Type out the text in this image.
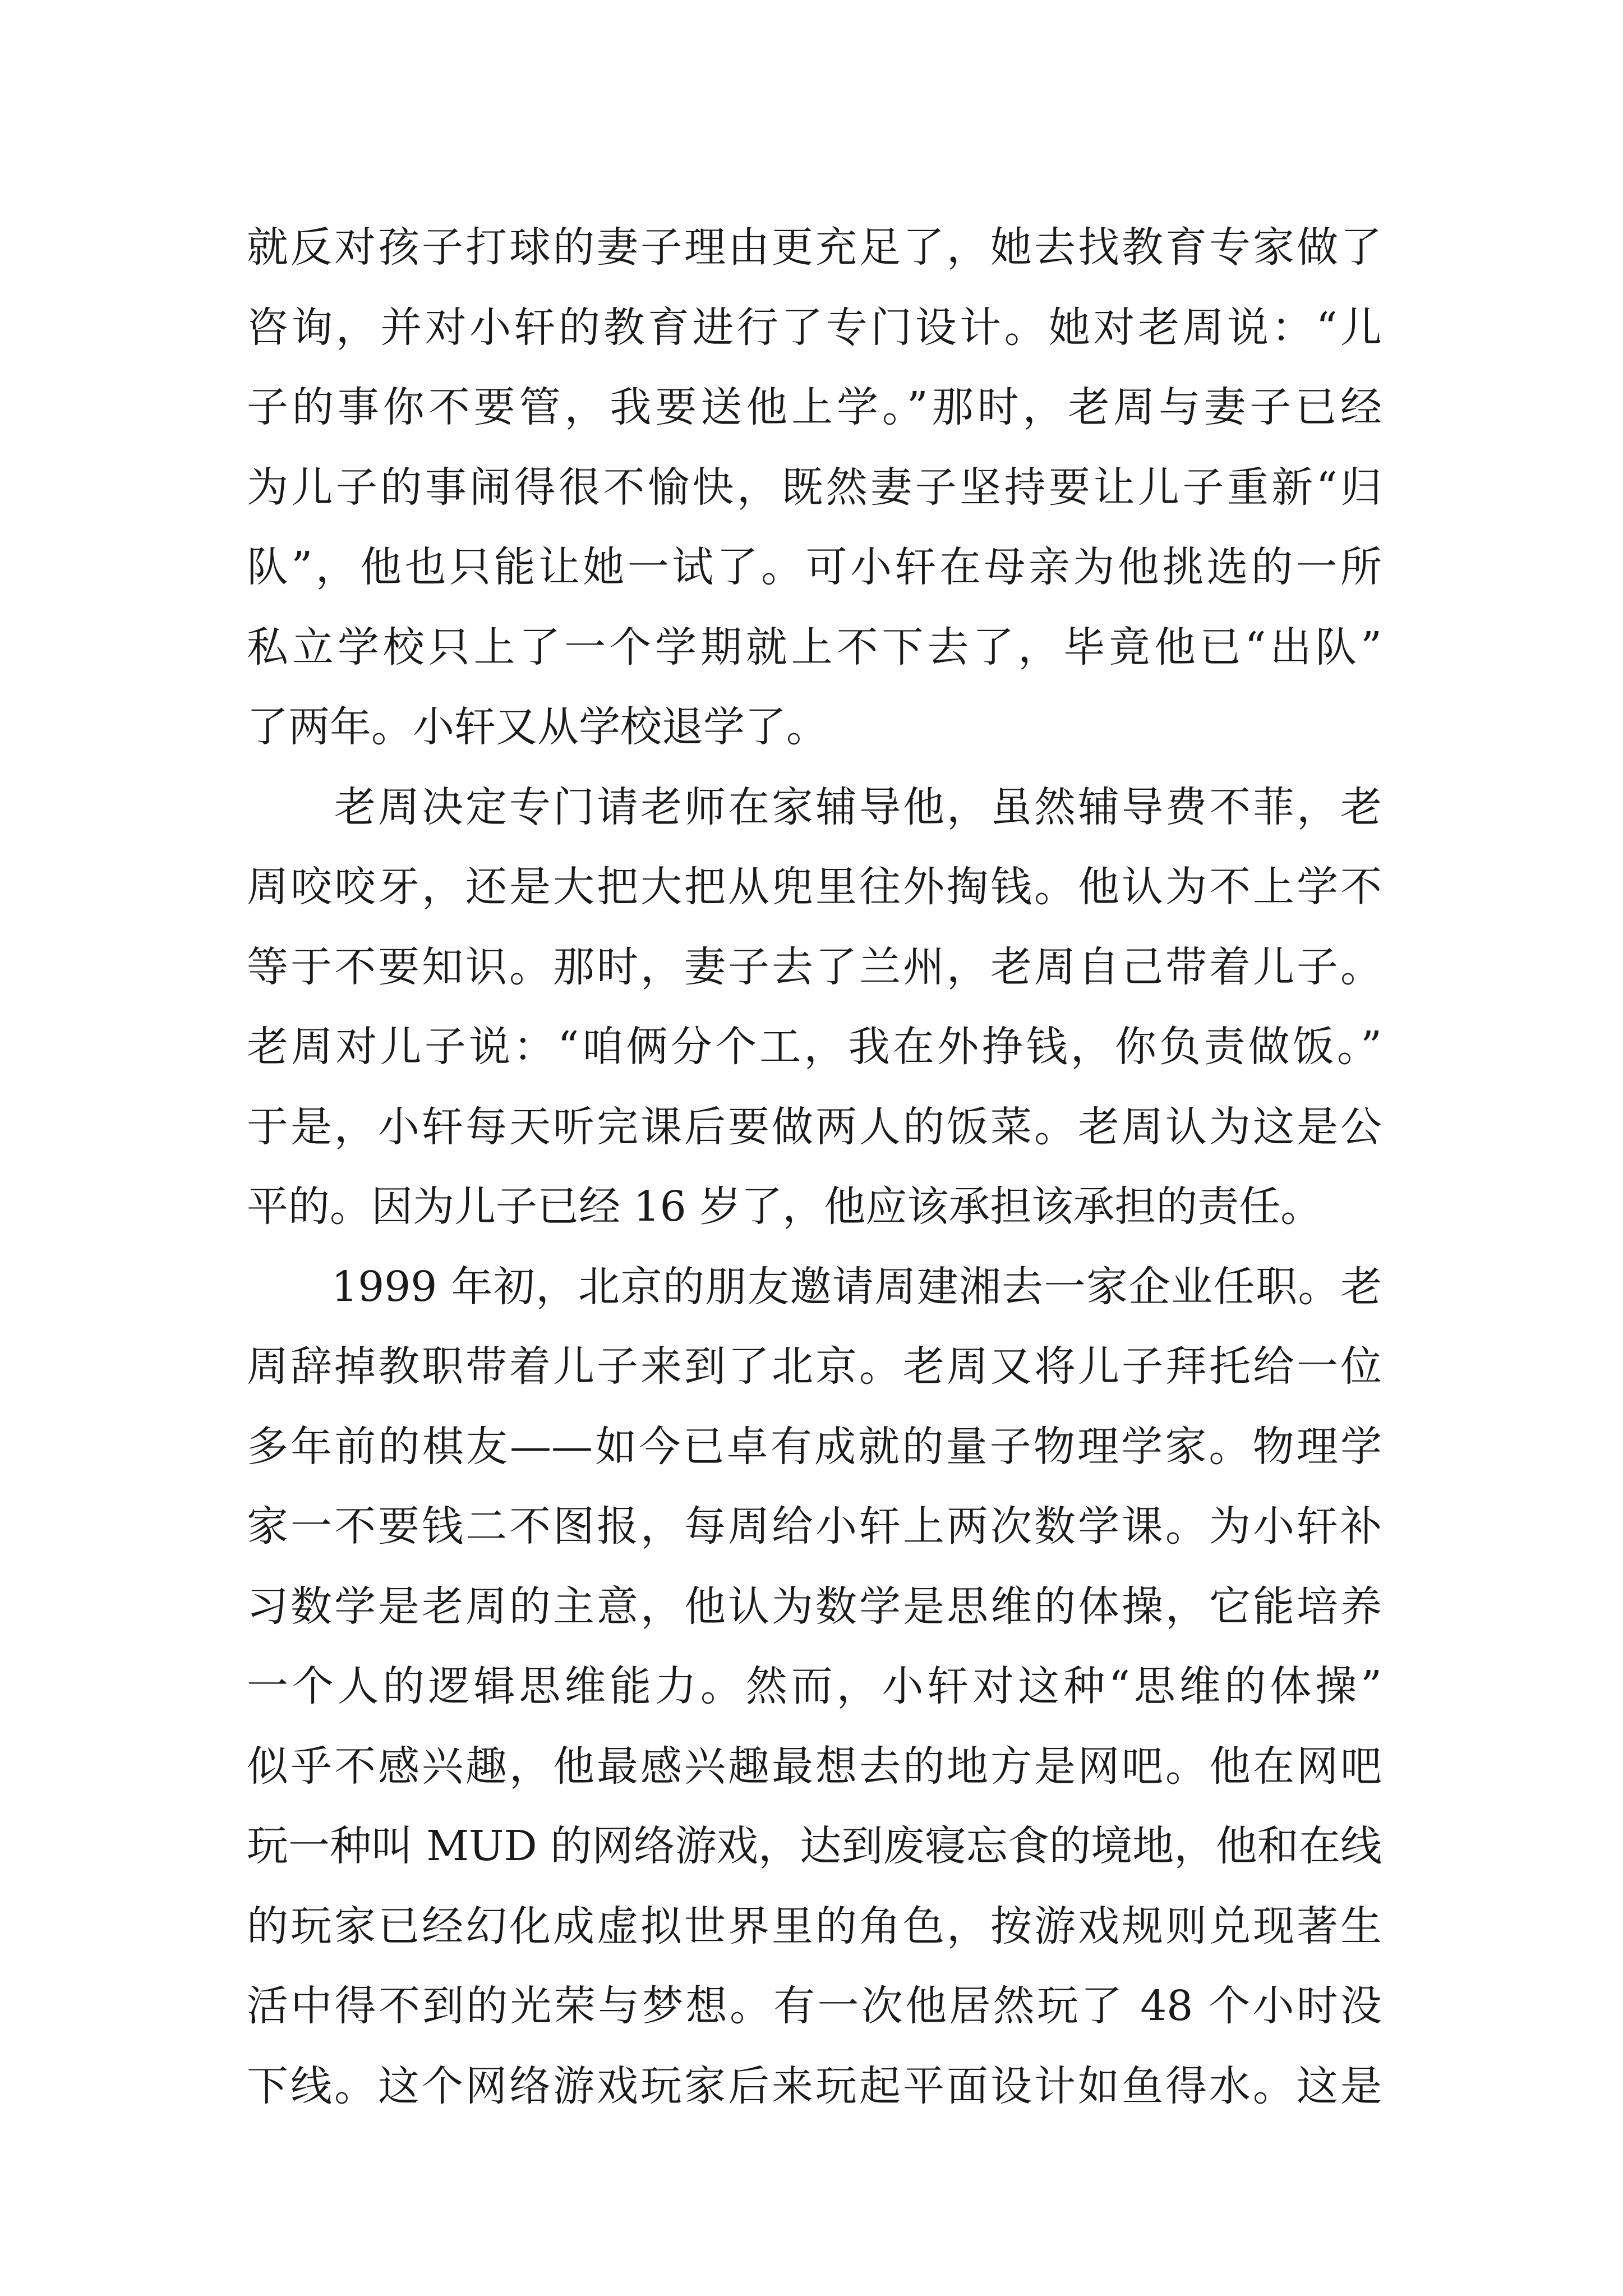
就反对孩子打球的妻子理由更充足了，她去找教育专家做了
咨询，并对小轩的教育进行了专门设计。她对老周说：“儿
子的事你不要管，我要送他上学。”那时，老周与妻子已经
为儿子的事闹得很不愉快，既然妻子坚持要让儿子重新“归
队”，他也只能让她一试了。可小轩在母亲为他挑选的一所
私立学校只上了一个学期就上不下去了，毕竟他已“出队”
了两年。小轩又从学校退学了。
　　老周决定专门请老师在家辅导他，虽然辅导费不菲，老
周咬咬牙，还是大把大把从兜里往外掏钱。他认为不上学不
等于不要知识。那时，妻子去了兰州，老周自己带着儿子。
老周对儿子说：“咱俩分个工，我在外挣钱，你负责做饭。”
于是，小轩每天听完课后要做两人的饭菜。老周认为这是公
平的。因为儿子已经 16 岁了，他应该承担该承担的责任。
　　1999 年初，北京的朋友邀请周建湘去一家企业任职。老
周辞掉教职带着儿子来到了北京。老周又将儿子拜托给一位
多年前的棋友——如今已卓有成就的量子物理学家。物理学
家一不要钱二不图报，每周给小轩上两次数学课。为小轩补
习数学是老周的主意，他认为数学是思维的体操，它能培养
一个人的逻辑思维能力。然而，小轩对这种“思维的体操”
似乎不感兴趣，他最感兴趣最想去的地方是网吧。他在网吧
玩一种叫 MUD 的网络游戏，达到废寝忘食的境地，他和在线
的玩家已经幻化成虚拟世界里的角色，按游戏规则兑现著生
活中得不到的光荣与梦想。有一次他居然玩了 48 个小时没
下线。这个网络游戏玩家后来玩起平面设计如鱼得水。这是
